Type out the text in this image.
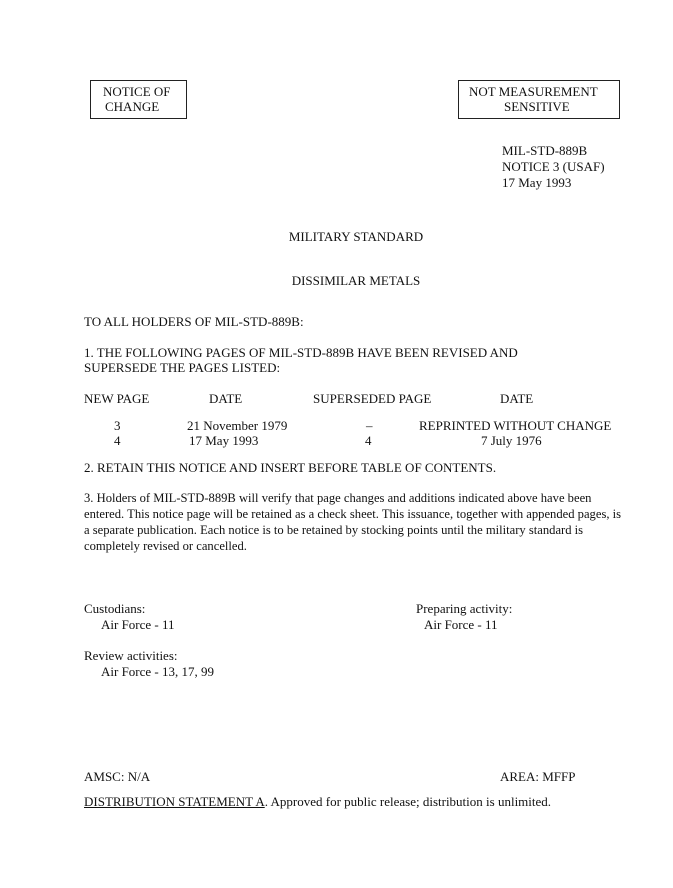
NOTICE OF
CHANGE
NOT MEASUREMENT
SENSITIVE
MIL-STD-889B
NOTICE 3 (USAF)
17 May 1993
MILITARY STANDARD
DISSIMILAR METALS
TO ALL HOLDERS OF MIL-STD-889B:
1. THE FOLLOWING PAGES OF MIL-STD-889B HAVE BEEN REVISED AND
SUPERSEDE THE PAGES LISTED:
NEW PAGE	DATE	SUPERSEDED PAGE	DATE
3	21 November 1979	–	REPRINTED WITHOUT CHANGE
4	17 May 1993	4	7 July 1976
2. RETAIN THIS NOTICE AND INSERT BEFORE TABLE OF CONTENTS.
3. Holders of MIL-STD-889B will verify that page changes and additions indicated above have been entered. This notice page will be retained as a check sheet. This issuance, together with appended pages, is a separate publication. Each notice is to be retained by stocking points until the military standard is completely revised or cancelled.
Custodians:
Air Force - 11
Preparing activity:
Air Force - 11
Review activities:
Air Force - 13, 17, 99
AMSC: N/A	AREA: MFFP
DISTRIBUTION STATEMENT A. Approved for public release; distribution is unlimited.
